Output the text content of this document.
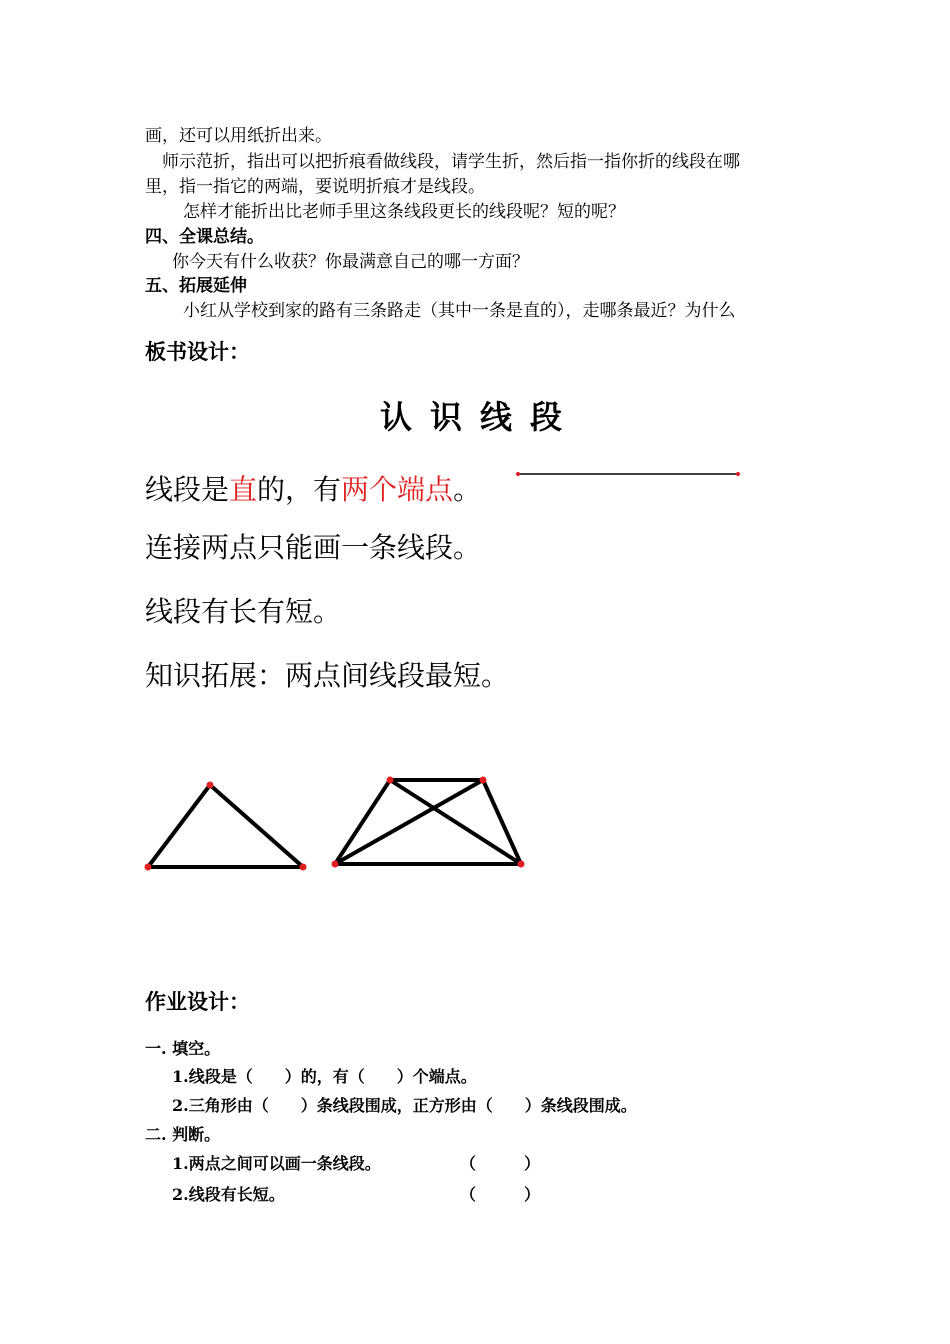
画，还可以用纸折出来。
师示范折，指出可以把折痕看做线段，请学生折，然后指一指你折的线段在哪
里，指一指它的两端，要说明折痕才是线段。
怎样才能折出比老师手里这条线段更长的线段呢？短的呢？
四、全课总结。
你今天有什么收获？你最满意自己的哪一方面？
五、拓展延伸
小红从学校到家的路有三条路走（其中一条是直的），走哪条最近？为什么
板书设计：
认识线段
线段是直的，有两个端点。
连接两点只能画一条线段。
线段有长有短。
知识拓展：两点间线段最短。
作业设计：
一. 填空。
1.线段是（　　）的，有（　　）个端点。
2.三角形由（　　）条线段围成，正方形由（　　）条线段围成。
二. 判断。
1.两点之间可以画一条线段。	（　　　）
2.线段有长短。	（　　　）
